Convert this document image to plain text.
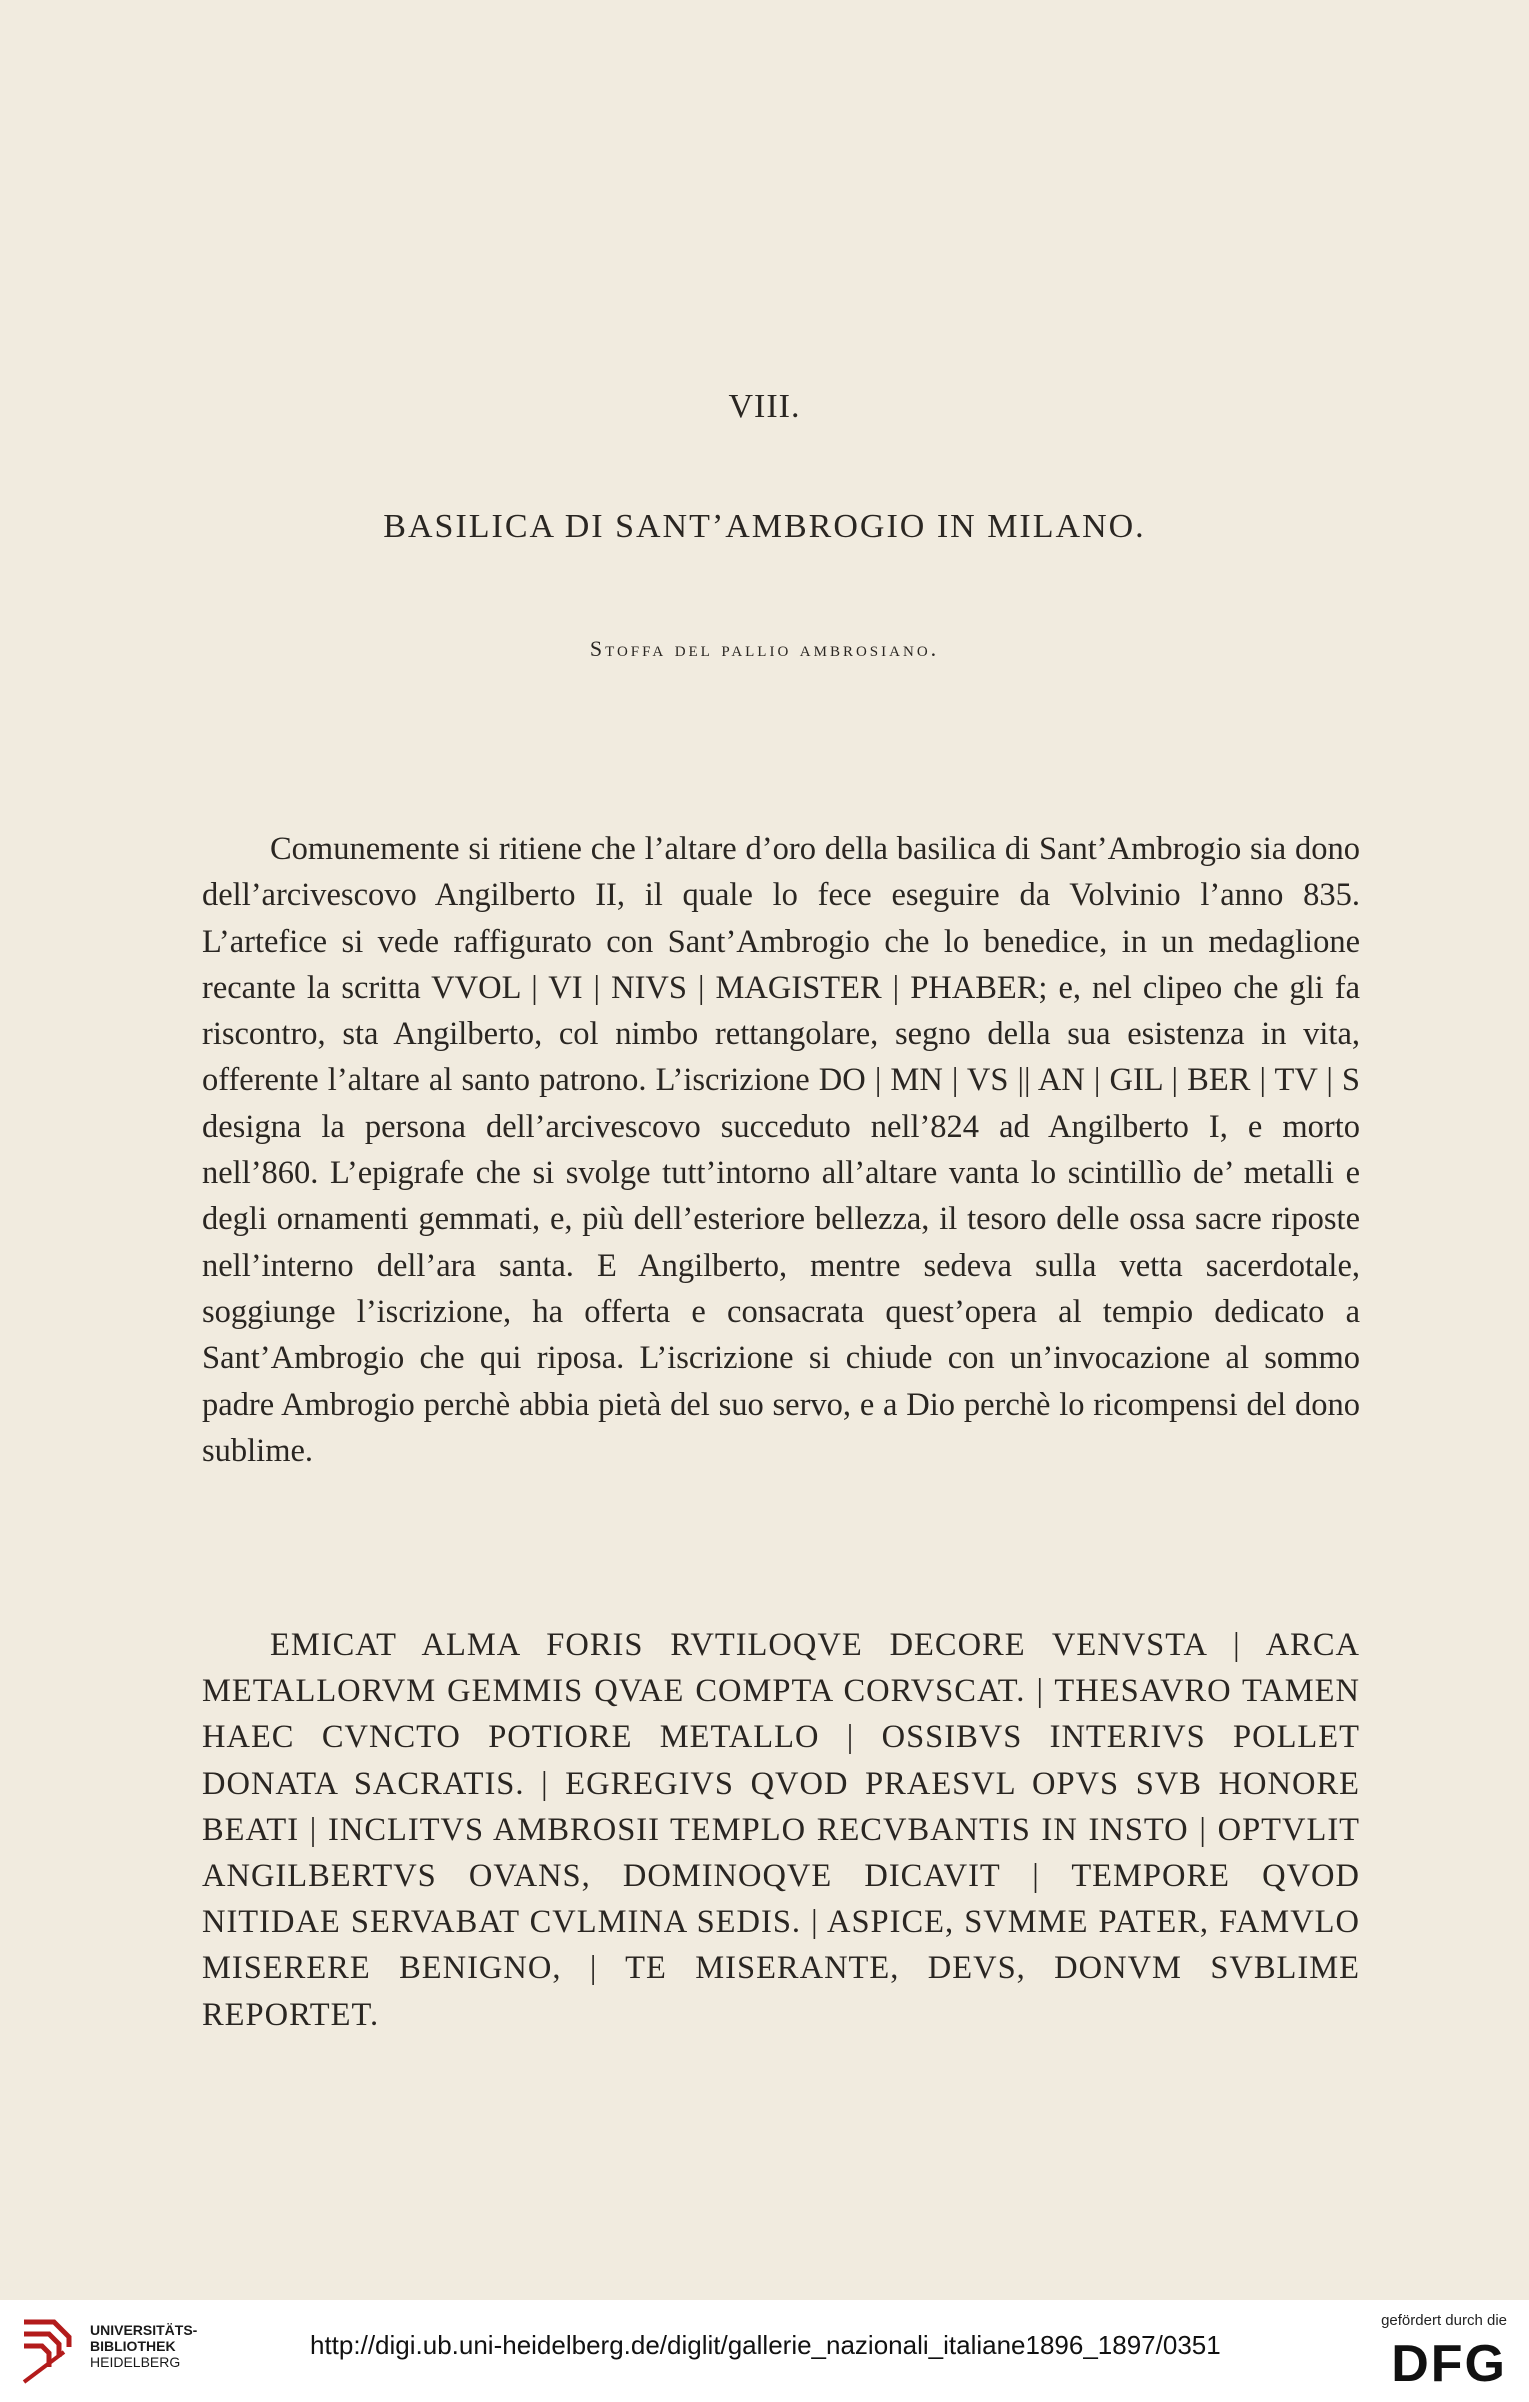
VIII.
BASILICA DI SANT’AMBROGIO IN MILANO.
Stoffa del pallio ambrosiano.

Comunemente si ritiene che l’altare d’oro della basilica di Sant’Ambrogio sia dono dell’arcivescovo Angilberto II, il quale lo fece eseguire da Volvinio l’anno 835. L’artefice si vede raffigurato con Sant’Ambrogio che lo benedice, in un medaglione recante la scritta VVOL | VI | NIVS | MAGISTER | PHABER; e, nel clipeo che gli fa riscontro, sta Angilberto, col nimbo rettangolare, segno della sua esistenza in vita, offerente l’altare al santo patrono. L’iscrizione DO | MN | VS || AN | GIL | BER | TV | S designa la persona dell’arcivescovo succeduto nell’824 ad Angilberto I, e morto nell’860. L’epigrafe che si svolge tutt’intorno all’altare vanta lo scintillìo de’ metalli e degli ornamenti gemmati, e, più dell’esteriore bellezza, il tesoro delle ossa sacre riposte nell’interno dell’ara santa. E Angilberto, mentre sedeva sulla vetta sacerdotale, soggiunge l’iscrizione, ha offerta e consacrata quest’opera al tempio dedicato a Sant’Ambrogio che qui riposa. L’iscrizione si chiude con un’invocazione al sommo padre Ambrogio perchè abbia pietà del suo servo, e a Dio perchè lo ricompensi del dono sublime.

EMICAT ALMA FORIS RVTILOQVE DECORE VENVSTA | ARCA METALLORVM GEMMIS QVAE COMPTA CORVSCAT. | THESAVRO TAMEN HAEC CVNCTO POTIORE METALLO | OSSIBVS INTERIVS POLLET DONATA SACRATIS. | EGREGIVS QVOD PRAESVL OPVS SVB HONORE BEATI | INCLITVS AMBROSII TEMPLO RECVBANTIS IN INSTO | OPTVLIT ANGILBERTVS OVANS, DOMINOQVE DICAVIT | TEMPORE QVOD NITIDAE SERVABAT CVLMINA SEDIS. | ASPICE, SVMME PATER, FAMVLO MISERERE BENIGNO, | TE MISERANTE, DEVS, DONVM SVBLIME REPORTET.

UNIVERSITÄTS-
BIBLIOTHEK
HEIDELBERG
http://digi.ub.uni-heidelberg.de/diglit/gallerie_nazionali_italiane1896_1897/0351
gefördert durch die
DFG
